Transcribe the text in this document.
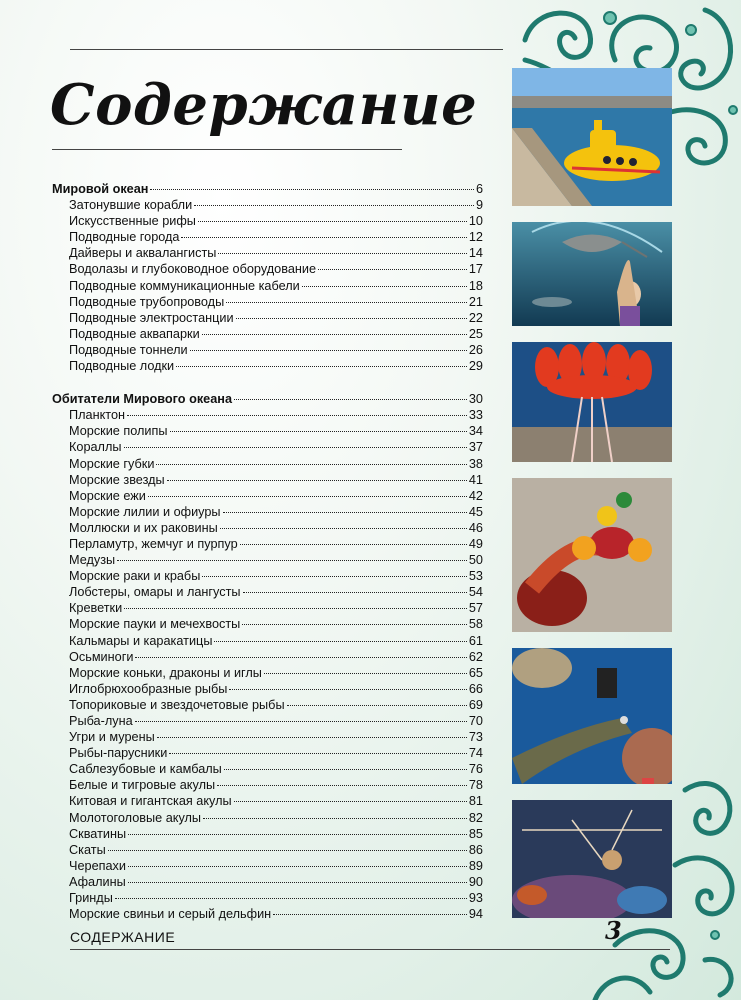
Содержание
Мировой океан	6
Затонувшие корабли	9
Искусственные рифы	10
Подводные города	12
Дайверы и аквалангисты	14
Водолазы и глубоководное оборудование	17
Подводные коммуникационные кабели	18
Подводные трубопроводы	21
Подводные электростанции	22
Подводные аквапарки	25
Подводные тоннели	26
Подводные лодки	29
Обитатели Мирового океана	30
Планктон	33
Морские полипы	34
Кораллы	37
Морские губки	38
Морские звезды	41
Морские ежи	42
Морские лилии и офиуры	45
Моллюски и их раковины	46
Перламутр, жемчуг и пурпур	49
Медузы	50
Морские раки и крабы	53
Лобстеры, омары и лангусты	54
Креветки	57
Морские пауки и мечехвосты	58
Кальмары и каракатицы	61
Осьминоги	62
Морские коньки, драконы и иглы	65
Иглобрюхообразные рыбы	66
Топориковые и звездочетовые рыбы	69
Рыба-луна	70
Угри и мурены	73
Рыбы-парусники	74
Саблезубовые и камбалы	76
Белые и тигровые акулы	78
Китовая и гигантская акулы	81
Молотоголовые акулы	82
Скватины	85
Скаты	86
Черепахи	89
Афалины	90
Гринды	93
Морские свиньи и серый дельфин	94
СОДЕРЖАНИЕ	3
